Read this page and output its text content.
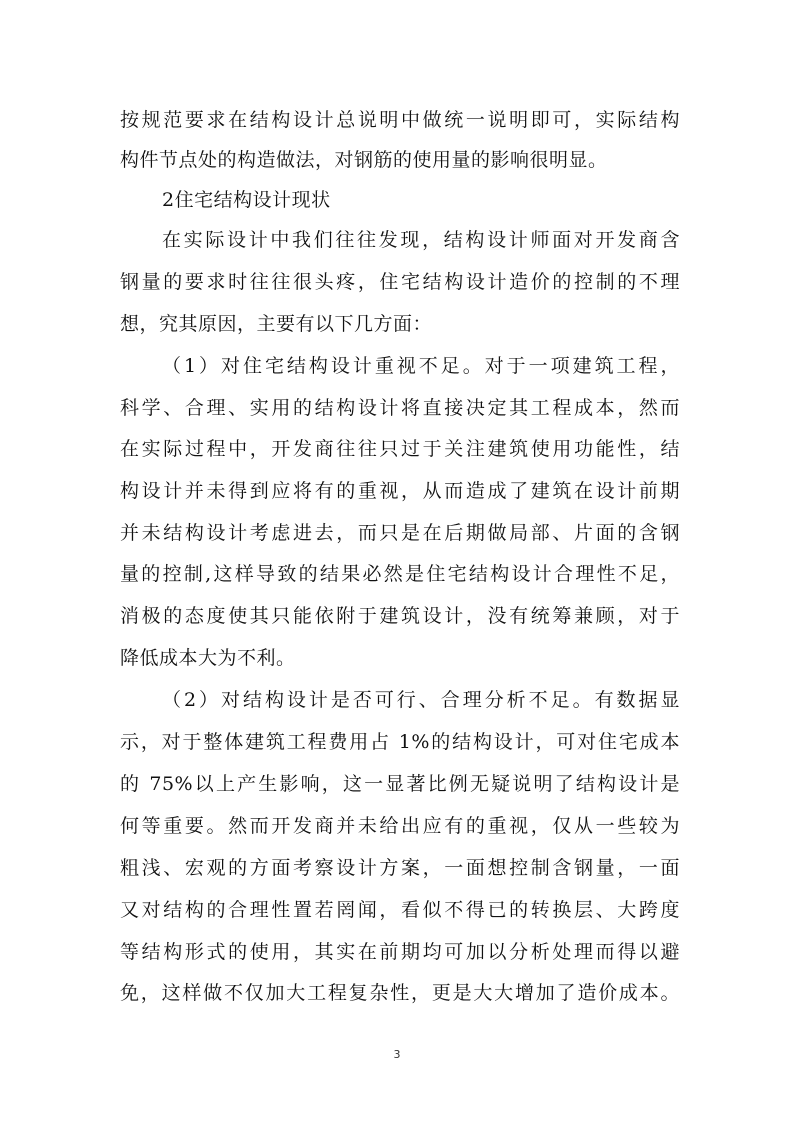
按规范要求在结构设计总说明中做统一说明即可，实际结构
构件节点处的构造做法，对钢筋的使用量的影响很明显。
2住宅结构设计现状
在实际设计中我们往往发现，结构设计师面对开发商含
钢量的要求时往往很头疼，住宅结构设计造价的控制的不理
想，究其原因，主要有以下几方面：
（1）对住宅结构设计重视不足。对于一项建筑工程，
科学、合理、实用的结构设计将直接决定其工程成本，然而
在实际过程中，开发商往往只过于关注建筑使用功能性，结
构设计并未得到应将有的重视，从而造成了建筑在设计前期
并未结构设计考虑进去，而只是在后期做局部、片面的含钢
量的控制,这样导致的结果必然是住宅结构设计合理性不足，
消极的态度使其只能依附于建筑设计，没有统筹兼顾，对于
降低成本大为不利。
（2）对结构设计是否可行、合理分析不足。有数据显
示，对于整体建筑工程费用占 1%的结构设计，可对住宅成本
的 75%以上产生影响，这一显著比例无疑说明了结构设计是
何等重要。然而开发商并未给出应有的重视，仅从一些较为
粗浅、宏观的方面考察设计方案，一面想控制含钢量，一面
又对结构的合理性置若罔闻，看似不得已的转换层、大跨度
等结构形式的使用，其实在前期均可加以分析处理而得以避
免，这样做不仅加大工程复杂性，更是大大增加了造价成本。
3
